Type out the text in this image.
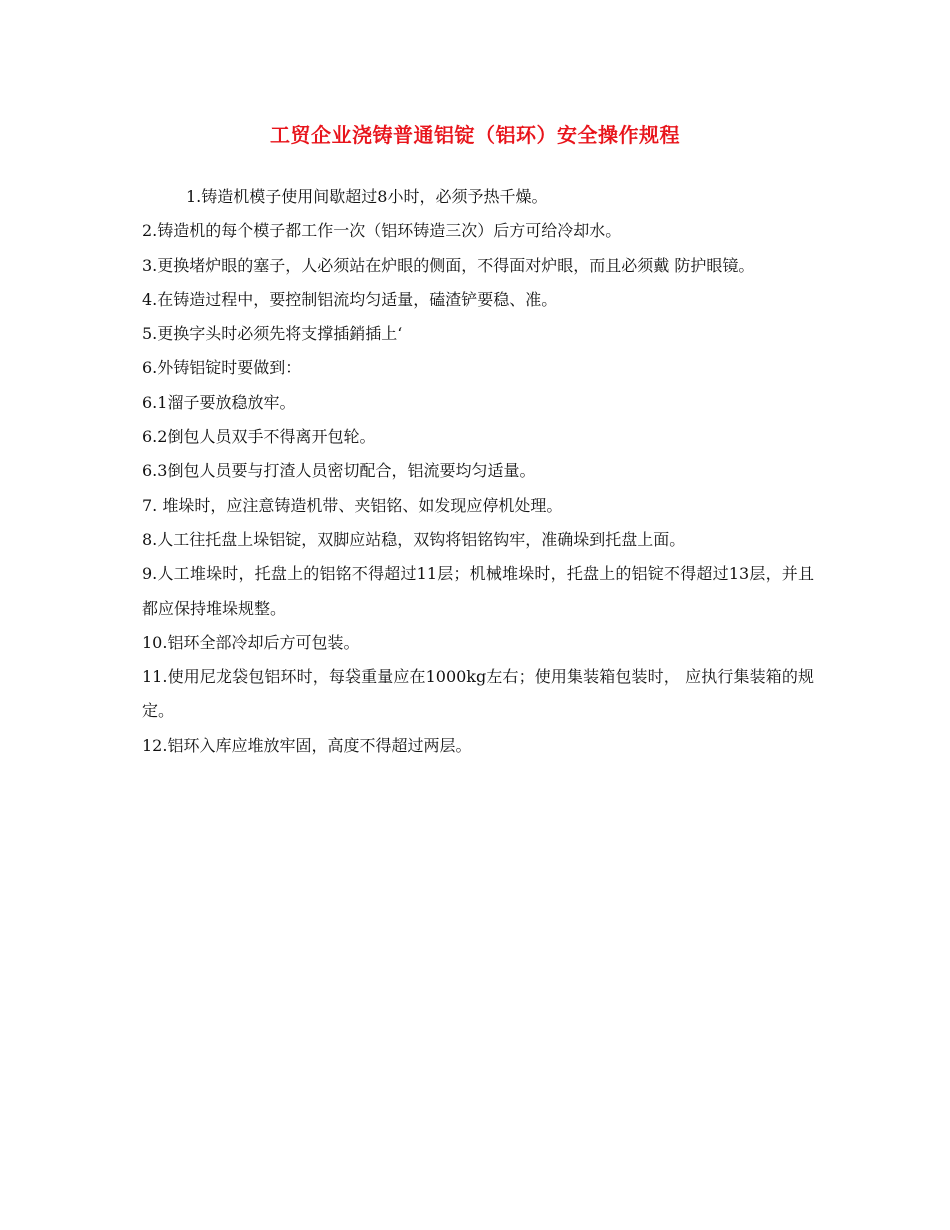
工贸企业浇铸普通铝锭（铝环）安全操作规程

1.铸造机模子使用间歇超过8小时，必须予热千燥。

2.铸造机的每个模子都工作一次（铝环铸造三次）后方可给冷却水。

3.更换堵炉眼的塞子，人必须站在炉眼的侧面，不得面对炉眼，而且必须戴 防护眼镜。

4.在铸造过程中，要控制铝流均匀适量，磕渣铲要稳、准。

5.更换字头时必须先将支撑插銷插上‘

6.外铸铝锭时要做到：

6.1溜子要放稳放牢。

6.2倒包人员双手不得离开包轮。

6.3倒包人员要与打渣人员密切配合，铝流要均匀适量。

7. 堆垛时，应注意铸造机带、夹铝铭、如发现应停机处理。

8.人工往托盘上垛铝锭，双脚应站稳，双钩将铝铭钩牢，准确垛到托盘上面。

9.人工堆垛时，托盘上的铝铭不得超过11层；机械堆垛时，托盘上的铝锭不得超过13层，并且都应保持堆垛规整。

10.铝环全部冷却后方可包装。

11.使用尼龙袋包铝环时，每袋重量应在1000kg左右；使用集装箱包装时， 应执行集装箱的规定。

12.铝环入库应堆放牢固，高度不得超过两层。
